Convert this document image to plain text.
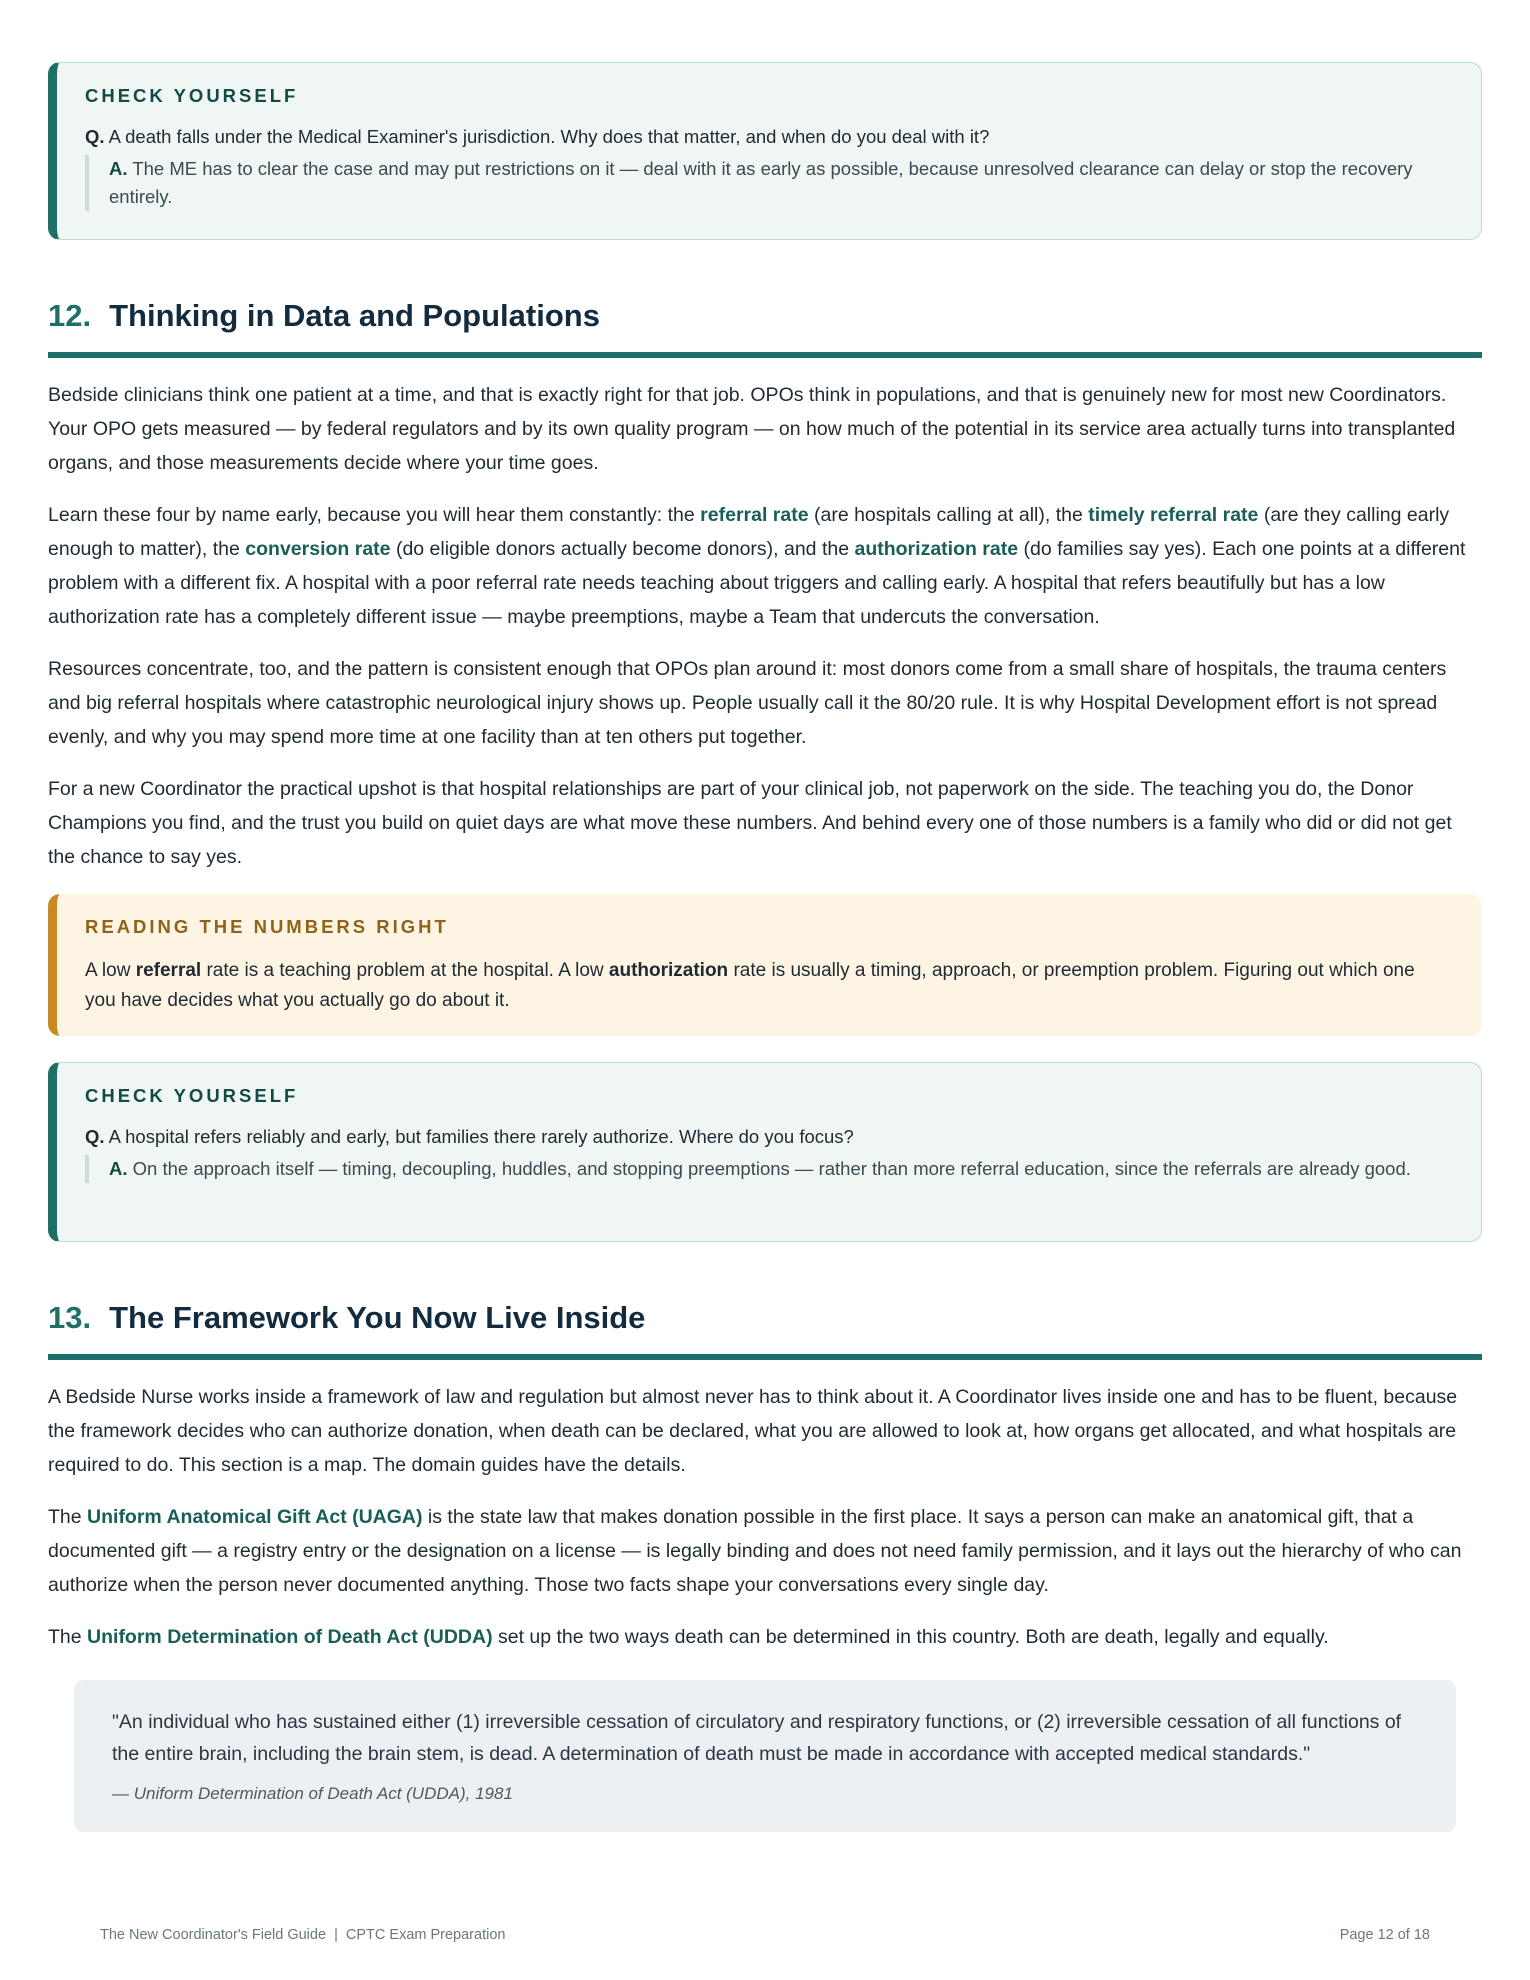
CHECK YOURSELF
Q. A death falls under the Medical Examiner's jurisdiction. Why does that matter, and when do you deal with it?
A. The ME has to clear the case and may put restrictions on it — deal with it as early as possible, because unresolved clearance can delay or stop the recovery entirely.
12. Thinking in Data and Populations

Bedside clinicians think one patient at a time, and that is exactly right for that job. OPOs think in populations, and that is genuinely new for most new Coordinators. Your OPO gets measured — by federal regulators and by its own quality program — on how much of the potential in its service area actually turns into transplanted organs, and those measurements decide where your time goes.

Learn these four by name early, because you will hear them constantly: the referral rate (are hospitals calling at all), the timely referral rate (are they calling early enough to matter), the conversion rate (do eligible donors actually become donors), and the authorization rate (do families say yes). Each one points at a different problem with a different fix. A hospital with a poor referral rate needs teaching about triggers and calling early. A hospital that refers beautifully but has a low authorization rate has a completely different issue — maybe preemptions, maybe a Team that undercuts the conversation.

Resources concentrate, too, and the pattern is consistent enough that OPOs plan around it: most donors come from a small share of hospitals, the trauma centers and big referral hospitals where catastrophic neurological injury shows up. People usually call it the 80/20 rule. It is why Hospital Development effort is not spread evenly, and why you may spend more time at one facility than at ten others put together.

For a new Coordinator the practical upshot is that hospital relationships are part of your clinical job, not paperwork on the side. The teaching you do, the Donor Champions you find, and the trust you build on quiet days are what move these numbers. And behind every one of those numbers is a family who did or did not get the chance to say yes.

READING THE NUMBERS RIGHT
A low referral rate is a teaching problem at the hospital. A low authorization rate is usually a timing, approach, or preemption problem. Figuring out which one you have decides what you actually go do about it.
CHECK YOURSELF
Q. A hospital refers reliably and early, but families there rarely authorize. Where do you focus?
A. On the approach itself — timing, decoupling, huddles, and stopping preemptions — rather than more referral education, since the referrals are already good.
13. The Framework You Now Live Inside

A Bedside Nurse works inside a framework of law and regulation but almost never has to think about it. A Coordinator lives inside one and has to be fluent, because the framework decides who can authorize donation, when death can be declared, what you are allowed to look at, how organs get allocated, and what hospitals are required to do. This section is a map. The domain guides have the details.

The Uniform Anatomical Gift Act (UAGA) is the state law that makes donation possible in the first place. It says a person can make an anatomical gift, that a documented gift — a registry entry or the designation on a license — is legally binding and does not need family permission, and it lays out the hierarchy of who can authorize when the person never documented anything. Those two facts shape your conversations every single day.

The Uniform Determination of Death Act (UDDA) set up the two ways death can be determined in this country. Both are death, legally and equally.

"An individual who has sustained either (1) irreversible cessation of circulatory and respiratory functions, or (2) irreversible cessation of all functions of the entire brain, including the brain stem, is dead. A determination of death must be made in accordance with accepted medical standards."
— Uniform Determination of Death Act (UDDA), 1981
The New Coordinator's Field Guide  |  CPTC Exam Preparation	Page 12 of 18
